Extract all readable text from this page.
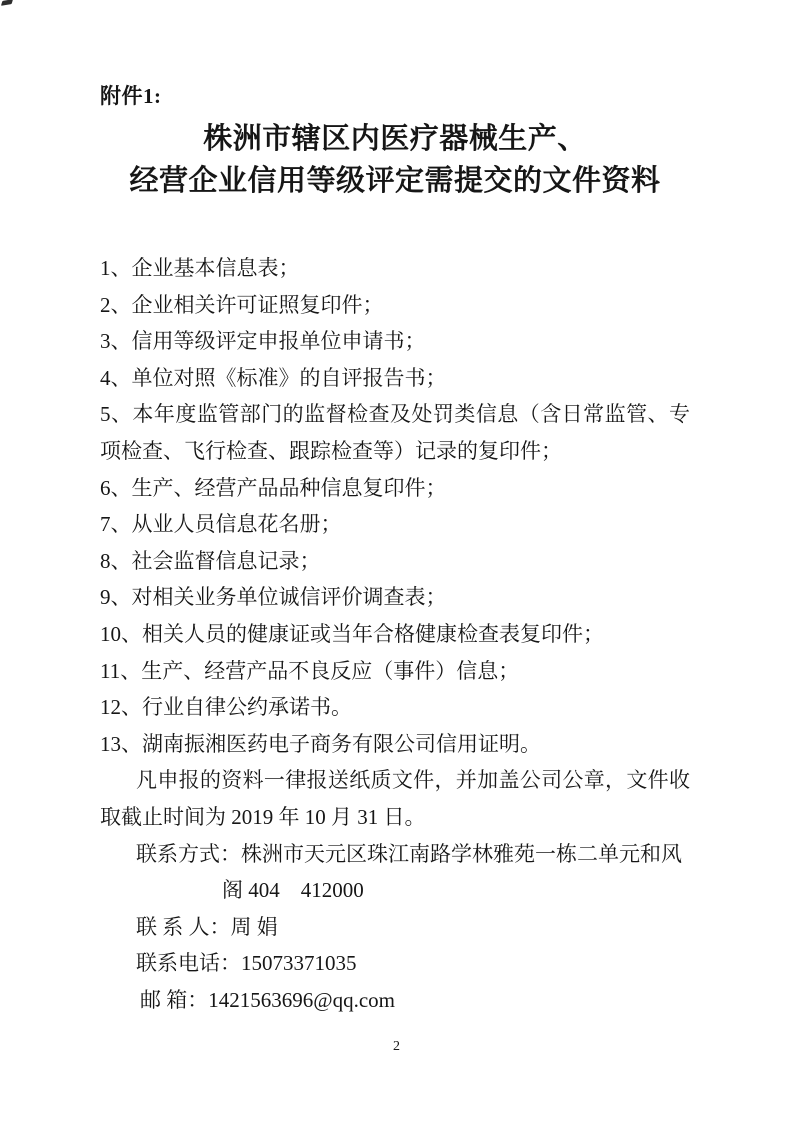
附件1:
株洲市辖区内医疗器械生产、
经营企业信用等级评定需提交的文件资料

1、企业基本信息表；

2、企业相关许可证照复印件；

3、信用等级评定申报单位申请书；

4、单位对照《标准》的自评报告书；

5、本年度监管部门的监督检查及处罚类信息（含日常监管、专项检查、飞行检查、跟踪检查等）记录的复印件；

6、生产、经营产品品种信息复印件；

7、从业人员信息花名册；

8、社会监督信息记录；

9、对相关业务单位诚信评价调查表；

10、相关人员的健康证或当年合格健康检查表复印件；

11、生产、经营产品不良反应（事件）信息；

12、行业自律公约承诺书。

13、湖南振湘医药电子商务有限公司信用证明。

凡申报的资料一律报送纸质文件，并加盖公司公章，文件收取截止时间为 2019 年 10 月 31 日。

联系方式：株洲市天元区珠江南路学林雅苑一栋二单元和风

阁 404    412000

联 系 人：周 娟

联系电话：15073371035

邮 箱：1421563696@qq.com

2
